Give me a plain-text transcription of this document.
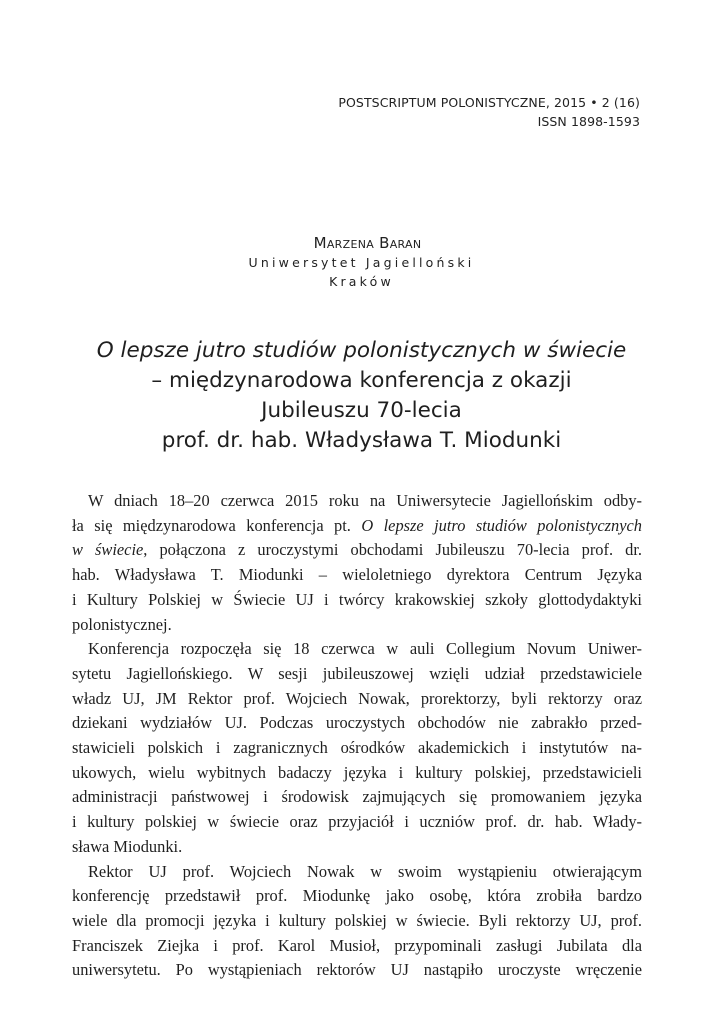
POSTSCRIPTUM POLONISTYCZNE, 2015 • 2 (16)
ISSN 1898-1593
Marzena Baran
Uniwersytet Jagielloński
Kraków
O lepsze jutro studiów polonistycznych w świecie
– międzynarodowa konferencja z okazji
Jubileuszu 70-lecia
prof. dr. hab. Władysława T. Miodunki
W dniach 18–20 czerwca 2015 roku na Uniwersytecie Jagiellońskim odby-
ła się międzynarodowa konferencja pt. O lepsze jutro studiów polonistycznych
w świecie, połączona z uroczystymi obchodami Jubileuszu 70-lecia prof. dr.
hab. Władysława T. Miodunki – wieloletniego dyrektora Centrum Języka
i Kultury Polskiej w Świecie UJ i twórcy krakowskiej szkoły glottodydaktyki
polonistycznej.
Konferencja rozpoczęła się 18 czerwca w auli Collegium Novum Uniwer-
sytetu Jagiellońskiego. W sesji jubileuszowej wzięli udział przedstawiciele
władz UJ, JM Rektor prof. Wojciech Nowak, prorektorzy, byli rektorzy oraz
dziekani wydziałów UJ. Podczas uroczystych obchodów nie zabrakło przed-
stawicieli polskich i zagranicznych ośrodków akademickich i instytutów na-
ukowych, wielu wybitnych badaczy języka i kultury polskiej, przedstawicieli
administracji państwowej i środowisk zajmujących się promowaniem języka
i kultury polskiej w świecie oraz przyjaciół i uczniów prof. dr. hab. Włady-
sława Miodunki.
Rektor UJ prof. Wojciech Nowak w swoim wystąpieniu otwierającym
konferencję przedstawił prof. Miodunkę jako osobę, która zrobiła bardzo
wiele dla promocji języka i kultury polskiej w świecie. Byli rektorzy UJ, prof.
Franciszek Ziejka i prof. Karol Musioł, przypominali zasługi Jubilata dla
uniwersytetu. Po wystąpieniach rektorów UJ nastąpiło uroczyste wręczenie
